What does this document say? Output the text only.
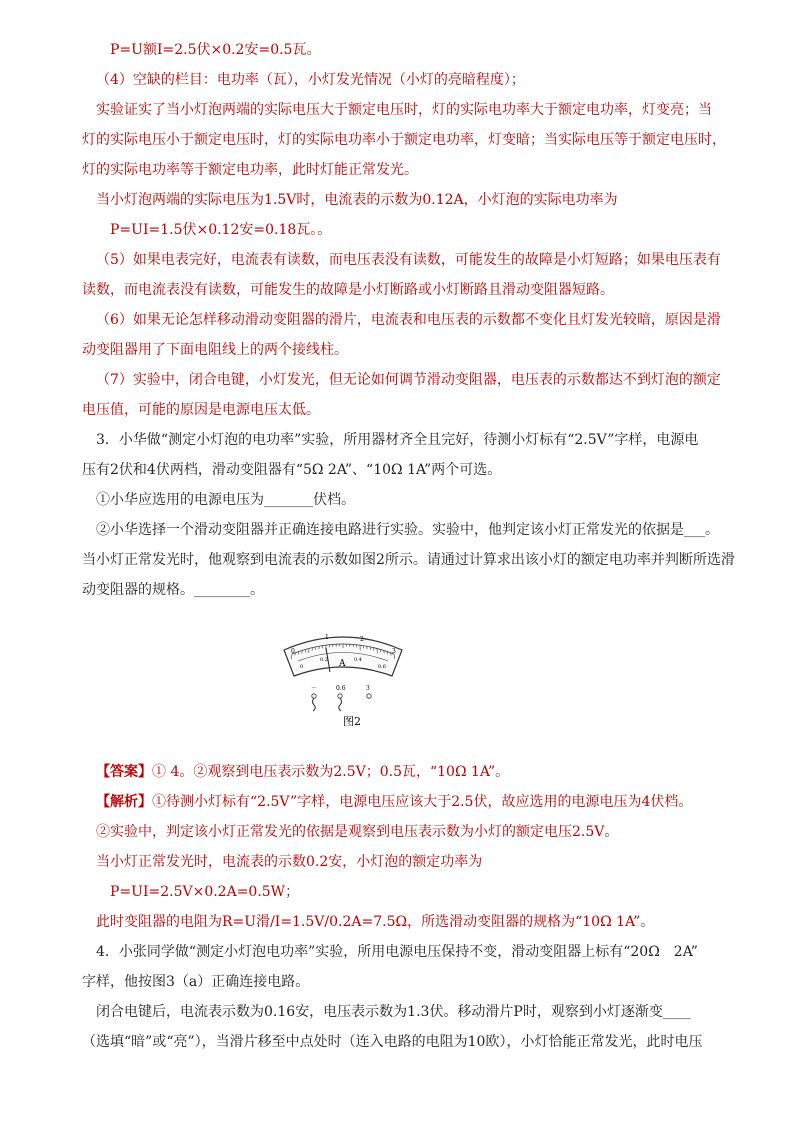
P=U额I=2.5伏×0.2安=0.5瓦。
（4）空缺的栏目：电功率（瓦），小灯发光情况（小灯的亮暗程度）；
实验证实了当小灯泡两端的实际电压大于额定电压时，灯的实际电功率大于额定电功率，灯变亮；当
灯的实际电压小于额定电压时，灯的实际电功率小于额定电功率，灯变暗；当实际电压等于额定电压时，
灯的实际电功率等于额定电功率，此时灯能正常发光。
当小灯泡两端的实际电压为1.5V时，电流表的示数为0.12A，小灯泡的实际电功率为
P=UI=1.5伏×0.12安=0.18瓦。。
（5）如果电表完好，电流表有读数，而电压表没有读数，可能发生的故障是小灯短路；如果电压表有
读数，而电流表没有读数，可能发生的故障是小灯断路或小灯断路且滑动变阻器短路。
（6）如果无论怎样移动滑动变阻器的滑片，电流表和电压表的示数都不变化且灯发光较暗，原因是滑
动变阻器用了下面电阻线上的两个接线柱。
（7）实验中，闭合电键，小灯发光，但无论如何调节滑动变阻器，电压表的示数都达不到灯泡的额定
电压值，可能的原因是电源电压太低。
3．小华做“测定小灯泡的电功率”实验，所用器材齐全且完好，待测小灯标有“2.5V”字样，电源电
压有2伏和4伏两档，滑动变阻器有“5Ω 2A”、“10Ω 1A”两个可选。
①小华应选用的电源电压为_______伏档。
②小华选择一个滑动变阻器并正确连接电路进行实验。实验中，他判定该小灯正常发光的依据是___。
当小灯正常发光时，他观察到电流表的示数如图2所示。请通过计算求出该小灯的额定电功率并判断所选滑
动变阻器的规格。________。
【答案】① 4。②观察到电压表示数为2.5V；0.5瓦，“10Ω 1A”。
【解析】①待测小灯标有“2.5V”字样，电源电压应该大于2.5伏，故应选用的电源电压为4伏档。
②实验中，判定该小灯正常发光的依据是观察到电压表示数为小灯的额定电压2.5V。
当小灯正常发光时，电流表的示数0.2安，小灯泡的额定功率为
P=UI=2.5V×0.2A=0.5W；
此时变阻器的电阻为R=U滑/I=1.5V/0.2A=7.5Ω，所选滑动变阻器的规格为“10Ω 1A”。
4．小张同学做“测定小灯泡电功率”实验，所用电源电压保持不变，滑动变阻器上标有“20Ω　2A”
字样，他按图3（a）正确连接电路。
闭合电键后，电流表示数为0.16安，电压表示数为1.3伏。移动滑片P时，观察到小灯逐渐变____
（选填“暗”或“亮”），当滑片移至中点处时（连入电路的电阻为10欧），小灯恰能正常发光，此时电压
0
1	2
3
0
0.2	0.4
0.6
A
－	0.6	3
图2
